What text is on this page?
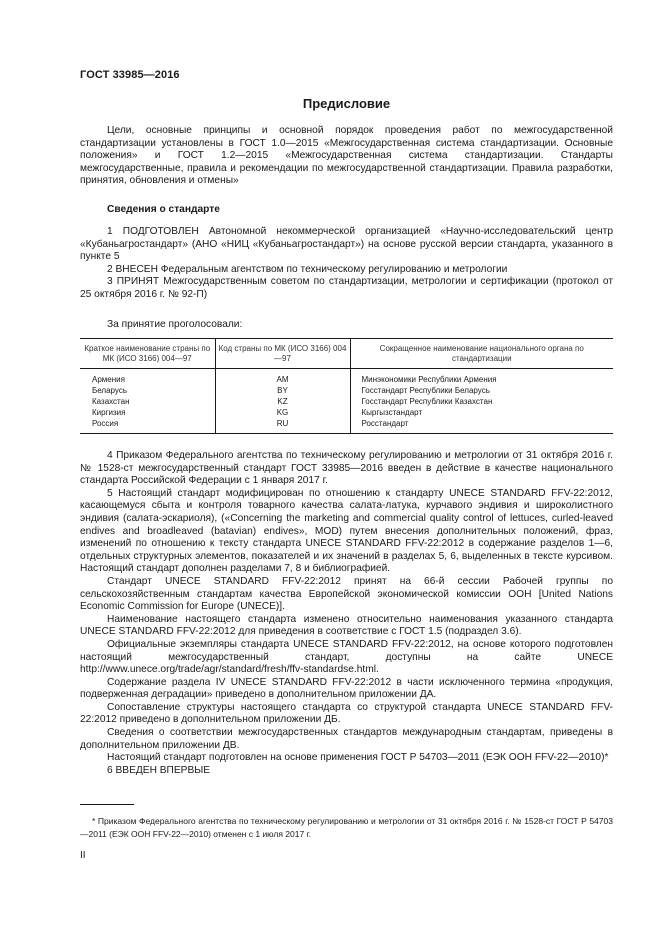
ГОСТ 33985—2016
Предисловие

Цели, основные принципы и основной порядок проведения работ по межгосударственной стандартизации установлены в ГОСТ 1.0—2015 «Межгосударственная система стандартизации. Основные положения» и ГОСТ 1.2—2015 «Межгосударственная система стандартизации. Стандарты межгосударственные, правила и рекомендации по межгосударственной стандартизации. Правила разработки, принятия, обновления и отмены»

Сведения о стандарте

1 ПОДГОТОВЛЕН Автономной некоммерческой организацией «Научно-исследовательский центр «Кубаньагростандарт» (АНО «НИЦ «Кубаньагростандарт») на основе русской версии стандарта, указанного в пункте 5

2 ВНЕСЕН Федеральным агентством по техническому регулированию и метрологии

3 ПРИНЯТ Межгосударственным советом по стандартизации, метрологии и сертификации (протокол от 25 октября 2016 г. № 92-П)

За принятие проголосовали:
Краткое наименование страны по МК (ИСО 3166) 004—97	Код страны по МК (ИСО 3166) 004—97	Сокращенное наименование национального органа по стандартизации
Армения	AM	Минэкономики Республики Армения
Беларусь	BY	Госстандарт Республики Беларусь
Казахстан	KZ	Госстандарт Республики Казахстан
Киргизия	KG	Кыргызстандарт
Россия	RU	Росстандарт

4 Приказом Федерального агентства по техническому регулированию и метрологии от 31 октября 2016 г. № 1528-ст межгосударственный стандарт ГОСТ 33985—2016 введен в действие в качестве национального стандарта Российской Федерации с 1 января 2017 г.

5 Настоящий стандарт модифицирован по отношению к стандарту UNECE STANDARD FFV-22:2012, касающемуся сбыта и контроля товарного качества салата-латука, курчавого эндивия и широколистного эндивия (салата-эскариоля), («Concerning the marketing and commercial quality control of lettuces, curled-leaved endives and broadleaved (batavian) endives», MOD) путем внесения дополнительных положений, фраз, изменений по отношению к тексту стандарта UNECE STANDARD FFV-22:2012 в содержание разделов 1—6, отдельных структурных элементов, показателей и их значений в разделах 5, 6, выделенных в тексте курсивом. Настоящий стандарт дополнен разделами 7, 8 и библиографией.

Стандарт UNECE STANDARD FFV-22:2012 принят на 66-й сессии Рабочей группы по сельскохозяйственным стандартам качества Европейской экономической комиссии ООН [United Nations Economic Commission for Europe (UNECE)].

Наименование настоящего стандарта изменено относительно наименования указанного стандарта UNECE STANDARD FFV-22:2012 для приведения в соответствие с ГОСТ 1.5 (подраздел 3.6).

Официальные экземпляры стандарта UNECE STANDARD FFV-22:2012, на основе которого подготовлен настоящий межгосударственный стандарт, доступны на сайте UNECE http://www.unece.org/trade/agr/standard/fresh/ffv-standardse.html.

Содержание раздела IV UNECE STANDARD FFV-22:2012 в части исключенного термина «продукция, подверженная деградации» приведено в дополнительном приложении ДА.

Сопоставление структуры настоящего стандарта со структурой стандарта UNECE STANDARD FFV-22:2012 приведено в дополнительном приложении ДБ.

Сведения о соответствии межгосударственных стандартов международным стандартам, приведены в дополнительном приложении ДВ.

Настоящий стандарт подготовлен на основе применения ГОСТ Р 54703—2011 (ЕЭК ООН FFV-22—2010)*

6 ВВЕДЕН ВПЕРВЫЕ

* Приказом Федерального агентства по техническому регулированию и метрологии от 31 октября 2016 г. № 1528-ст ГОСТ Р 54703—2011 (ЕЭК ООН FFV-22—2010) отменен с 1 июля 2017 г.

II
